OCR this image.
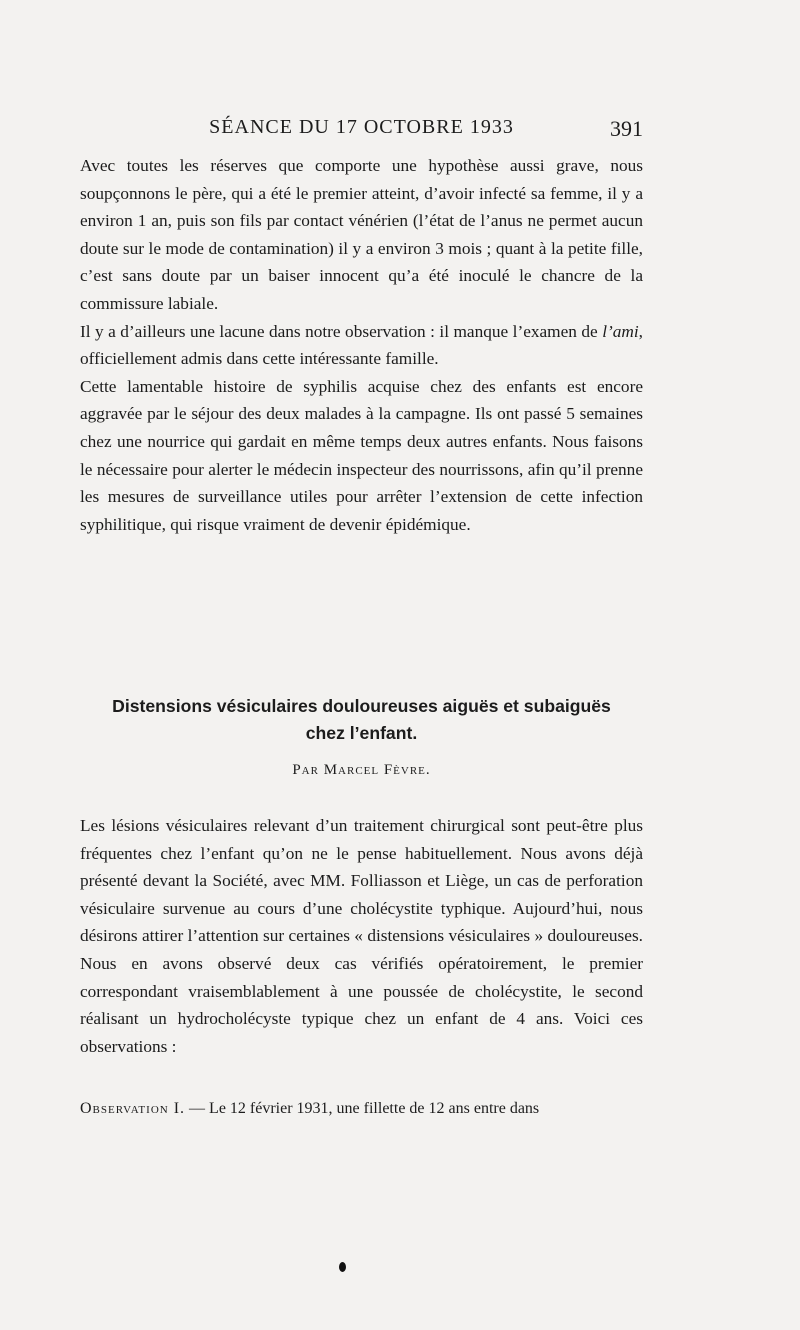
SÉANCE DU 17 OCTOBRE 1933	391

Avec toutes les réserves que comporte une hypothèse aussi grave, nous soupçonnons le père, qui a été le premier atteint, d’avoir infecté sa femme, il y a environ 1 an, puis son fils par contact vénérien (l’état de l’anus ne permet aucun doute sur le mode de contamination) il y a environ 3 mois ; quant à la petite fille, c’est sans doute par un baiser innocent qu’a été inoculé le chancre de la commissure labiale.

Il y a d’ailleurs une lacune dans notre observation : il manque l’examen de l’ami, officiellement admis dans cette intéressante famille.

Cette lamentable histoire de syphilis acquise chez des enfants est encore aggravée par le séjour des deux malades à la campagne. Ils ont passé 5 semaines chez une nourrice qui gardait en même temps deux autres enfants. Nous faisons le nécessaire pour alerter le médecin inspecteur des nourrissons, afin qu’il prenne les mesures de surveillance utiles pour arrêter l’extension de cette infection syphilitique, qui risque vraiment de devenir épidémique.

Distensions vésiculaires douloureuses aiguës et subaiguës
chez l’enfant.
Par Marcel Fèvre.

Les lésions vésiculaires relevant d’un traitement chirurgical sont peut-être plus fréquentes chez l’enfant qu’on ne le pense habituellement. Nous avons déjà présenté devant la Société, avec MM. Folliasson et Liège, un cas de perforation vésiculaire survenue au cours d’une cholécystite typhique. Aujourd’hui, nous désirons attirer l’attention sur certaines « distensions vésiculaires » douloureuses. Nous en avons observé deux cas vérifiés opératoirement, le premier correspondant vraisemblablement à une poussée de cholécystite, le second réalisant un hydrocholécyste typique chez un enfant de 4 ans. Voici ces observations :

Observation I. — Le 12 février 1931, une fillette de 12 ans entre dans
